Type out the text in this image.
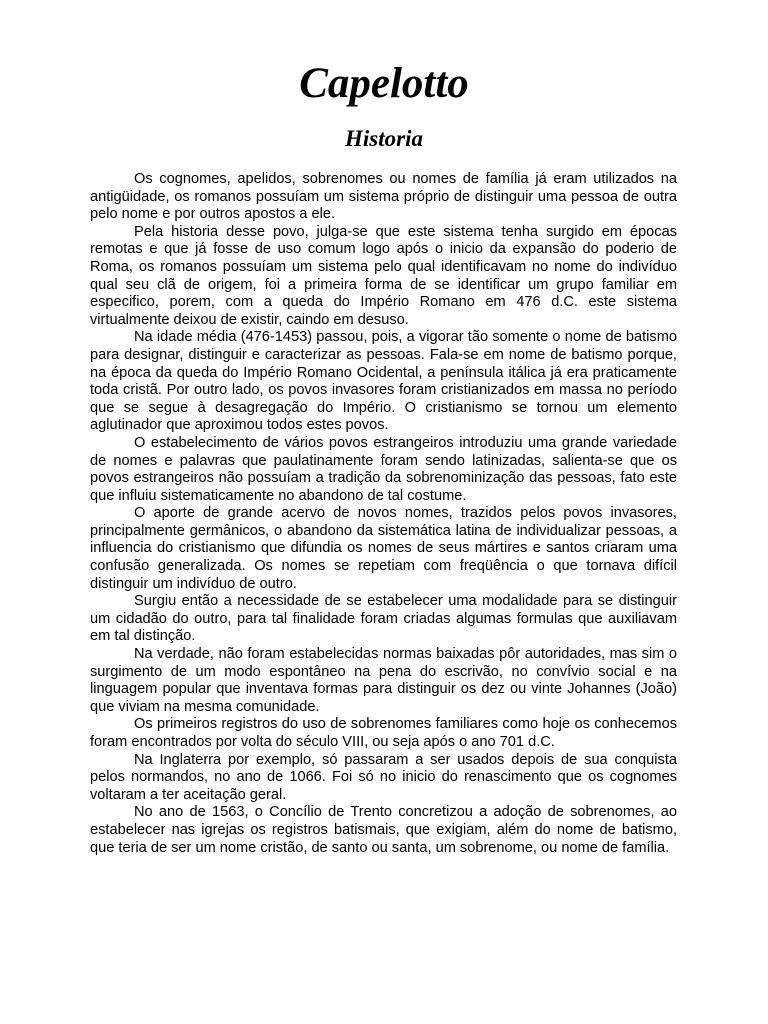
Capelotto
Historia

Os cognomes, apelidos, sobrenomes ou nomes de família já eram utilizados na antigüidade, os romanos possuíam um sistema próprio de distinguir uma pessoa de outra pelo nome e por outros apostos a ele.

Pela historia desse povo, julga-se que este sistema tenha surgido em épocas remotas e que já fosse de uso comum logo após o inicio da expansão do poderio de Roma, os romanos possuíam um sistema pelo qual identificavam no nome do indivíduo qual seu clã de origem, foi a primeira forma de se identificar um grupo familiar em especifico, porem, com a queda do Império Romano em 476 d.C. este sistema virtualmente deixou de existir, caindo em desuso.

Na idade média (476-1453) passou, pois, a vigorar tão somente o nome de batismo para designar, distinguir e caracterizar as pessoas. Fala-se em nome de batismo porque, na época da queda do Império Romano Ocidental, a península itálica já era praticamente toda cristã. Por outro lado, os povos invasores foram cristianizados em massa no período que se segue à desagregação do Império. O cristianismo se tornou um elemento aglutinador que aproximou todos estes povos.

O estabelecimento de vários povos estrangeiros introduziu uma grande variedade de nomes e palavras que paulatinamente foram sendo latinizadas, salienta-se que os povos estrangeiros não possuíam a tradição da sobrenominização das pessoas, fato este que influiu sistematicamente no abandono de tal costume.

O aporte de grande acervo de novos nomes, trazidos pelos povos invasores, principalmente germânicos, o abandono da sistemática latina de individualizar pessoas, a influencia do cristianismo que difundia os nomes de seus mártires e santos criaram uma confusão generalizada. Os nomes se repetiam com freqüência o que tornava difícil distinguir um indivíduo de outro.

Surgiu então a necessidade de se estabelecer uma modalidade para se distinguir um cidadão do outro, para tal finalidade foram criadas algumas formulas que auxiliavam em tal distinção.

Na verdade, não foram estabelecidas normas baixadas pôr autoridades, mas sim o surgimento de um modo espontâneo na pena do escrivão, no convívio social e na linguagem popular que inventava formas para distinguir os dez ou vinte Johannes (João) que viviam na mesma comunidade.

Os primeiros registros do uso de sobrenomes familiares como hoje os conhecemos foram encontrados por volta do século VIII, ou seja após o ano 701 d.C.

Na Inglaterra por exemplo, só passaram a ser usados depois de sua conquista pelos normandos, no ano de 1066. Foi só no inicio do renascimento que os cognomes voltaram a ter aceitação geral.

No ano de 1563, o Concílio de Trento concretizou a adoção de sobrenomes, ao estabelecer nas igrejas os registros batismais, que exigiam, além do nome de batismo, que teria de ser um nome cristão, de santo ou santa, um sobrenome, ou nome de família.
